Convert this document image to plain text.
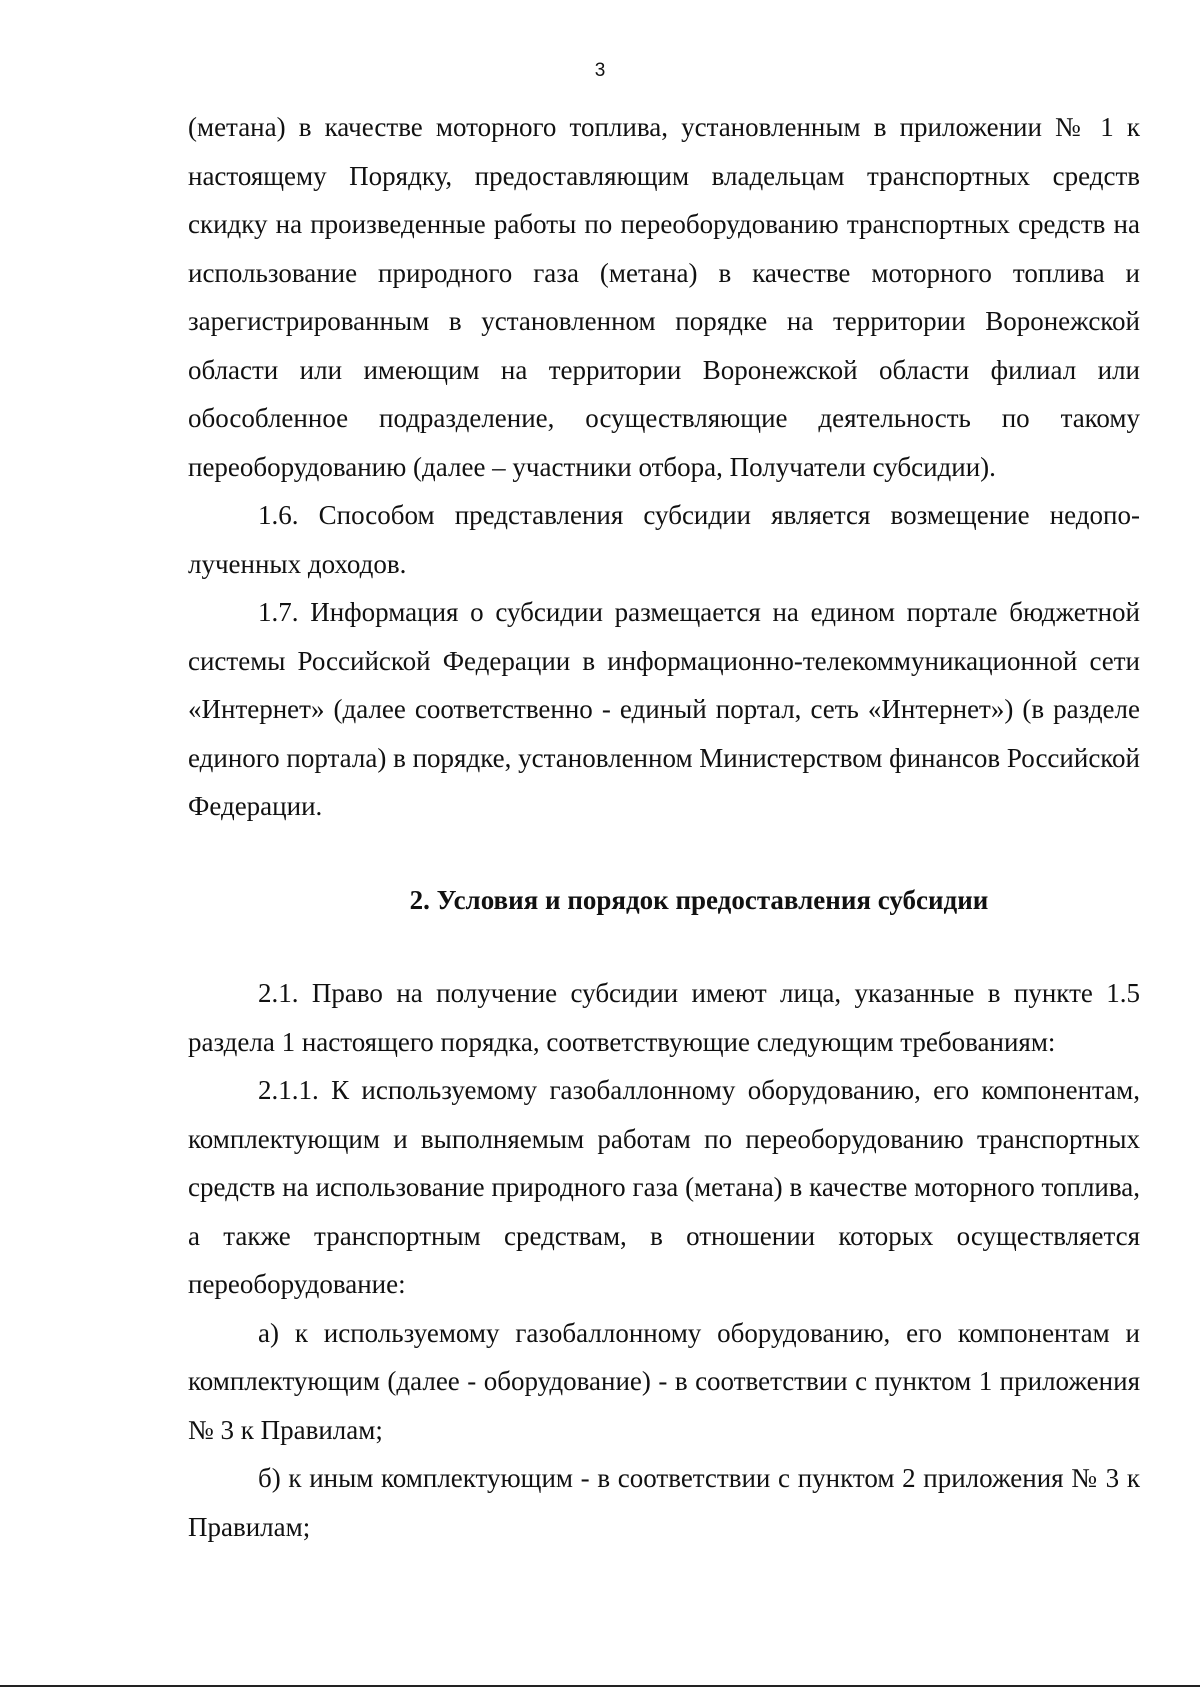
3

(метана) в качестве моторного топлива, установленным в приложении № 1 к настоящему Порядку, предоставляющим владельцам транспортных средств скидку на произведенные работы по переоборудованию транспортных средств на использование природного газа (метана) в качестве моторного топлива и зарегистрированным в установленном порядке на территории Воронежской области или имеющим на территории Воронежской области филиал или обособленное подразделение, осуществляющие деятельность по такому переоборудованию (далее – участники отбора, Получатели субсидии).

1.6. Способом представления субсидии является возмещение недополученных доходов.

1.7. Информация о субсидии размещается на едином портале бюджетной системы Российской Федерации в информационно-телекоммуникационной сети «Интернет» (далее соответственно - единый портал, сеть «Интернет») (в разделе единого портала) в порядке, установленном Министерством финансов Российской Федерации.

2. Условия и порядок предоставления субсидии

2.1. Право на получение субсидии имеют лица, указанные в пункте 1.5 раздела 1 настоящего порядка, соответствующие следующим требованиям:

2.1.1. К используемому газобаллонному оборудованию, его компонентам, комплектующим и выполняемым работам по переоборудованию транспортных средств на использование природного газа (метана) в качестве моторного топлива, а также транспортным средствам, в отношении которых осуществляется переоборудование:

а) к используемому газобаллонному оборудованию, его компонентам и комплектующим (далее - оборудование) - в соответствии с пунктом 1 приложения № 3 к Правилам;

б) к иным комплектующим - в соответствии с пунктом 2 приложения № 3 к Правилам;
